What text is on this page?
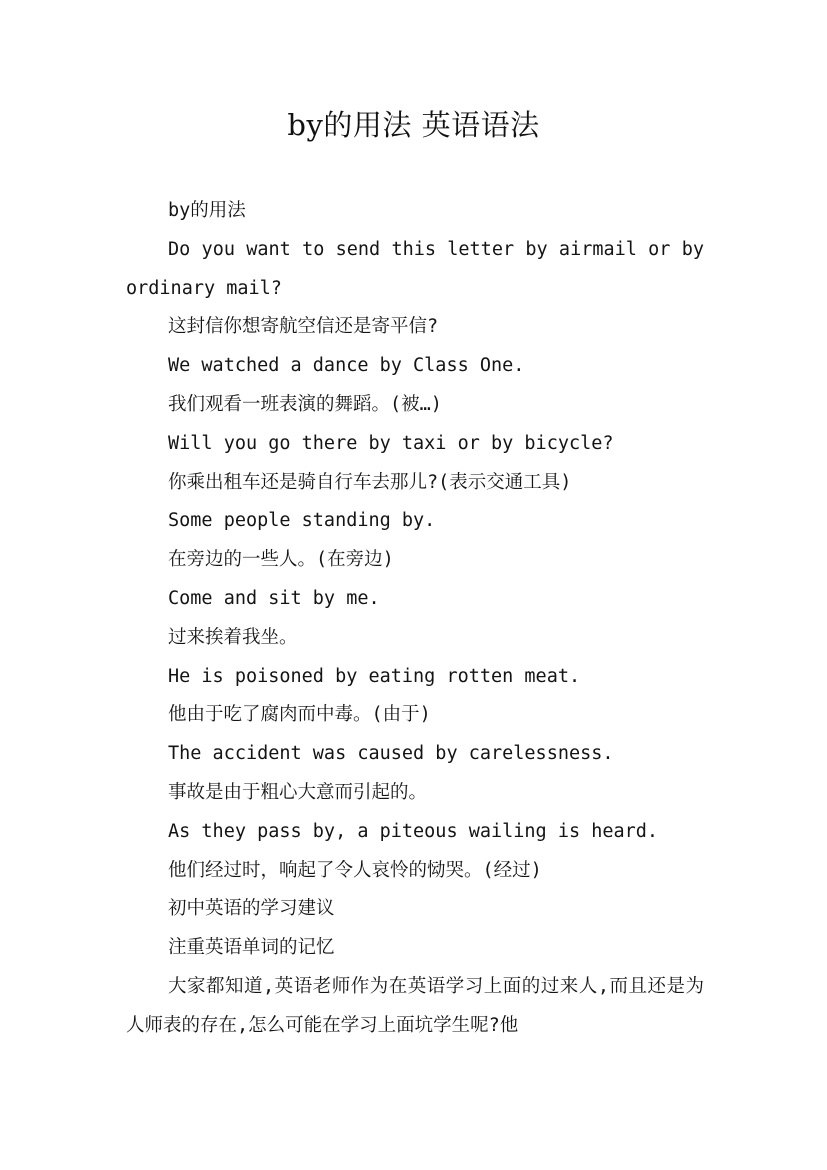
by的用法 英语语法

by的用法

Do you want to send this letter by airmail or by ordinary mail?

这封信你想寄航空信还是寄平信?

We watched a dance by Class One.

我们观看一班表演的舞蹈。(被…)

Will you go there by taxi or by bicycle?

你乘出租车还是骑自行车去那儿?(表示交通工具)

Some people standing by.

在旁边的一些人。(在旁边)

Come and sit by me.

过来挨着我坐。

He is poisoned by eating rotten meat.

他由于吃了腐肉而中毒。(由于)

The accident was caused by carelessness.

事故是由于粗心大意而引起的。

As they pass by, a piteous wailing is heard.

他们经过时，响起了令人哀怜的恸哭。(经过)

初中英语的学习建议

注重英语单词的记忆

大家都知道,英语老师作为在英语学习上面的过来人,而且还是为人师表的存在,怎么可能在学习上面坑学生呢?他
